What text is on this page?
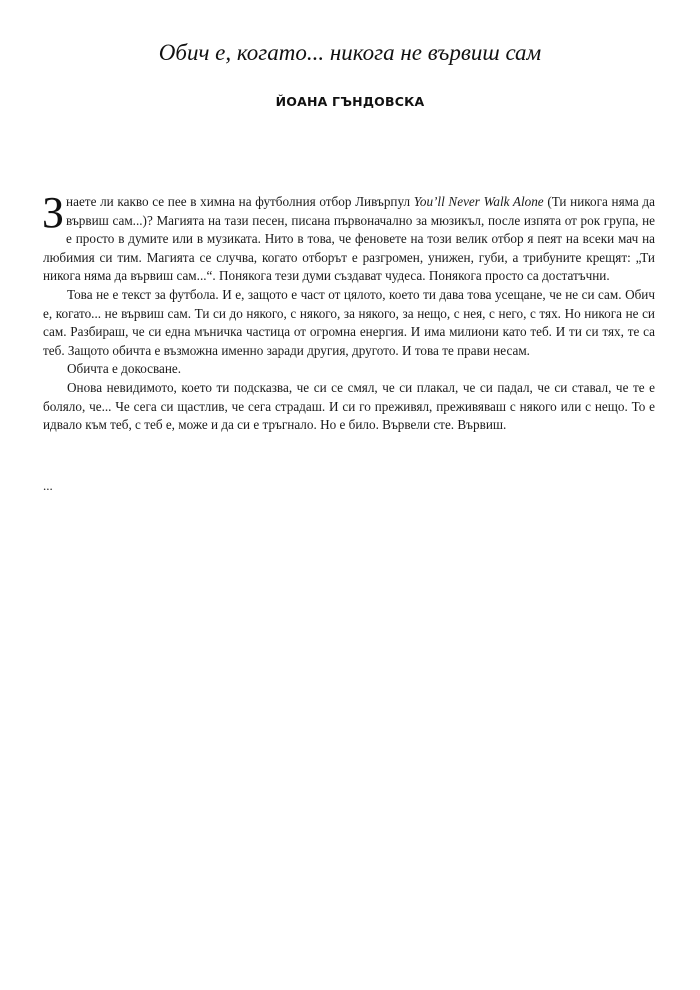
Обич е, когато... никога не вървиш сам
ЙОАНА ГЪНДОВСКА

Знаете ли какво се пее в химна на футболния отбор Ливърпул You’ll Never Walk Alone (Ти никога няма да вървиш сам...)? Магията на тази песен, писана първоначално за мюзикъл, после изпята от рок група, не е просто в думите или в музиката. Нито в това, че феновете на този велик отбор я пеят на всеки мач на любимия си тим. Магията се случва, когато отборът е разгромен, унижен, губи, а трибуните крещят: „Ти никога няма да вървиш сам...“. Понякога тези думи създават чудеса. Понякога просто са достатъчни.

Това не е текст за футбола. И е, защото е част от цялото, което ти дава това усещане, че не си сам. Обич е, когато... не вървиш сам. Ти си до някого, с някого, за някого, за нещо, с нея, с него, с тях. Но никога не си сам. Разбираш, че си една мъничка частица от огромна енергия. И има милиони като теб. И ти си тях, те са теб. Защото обичта е възможна именно заради другия, другото. И това те прави несам.

Обичта е докосване.

Онова невидимото, което ти подсказва, че си се смял, че си плакал, че си падал, че си ставал, че те е боляло, че... Че сега си щастлив, че сега страдаш. И си го преживял, преживяваш с някого или с нещо. То е идвало към теб, с теб е, може и да си е тръгнало. Но е било. Вървели сте. Вървиш.

...
